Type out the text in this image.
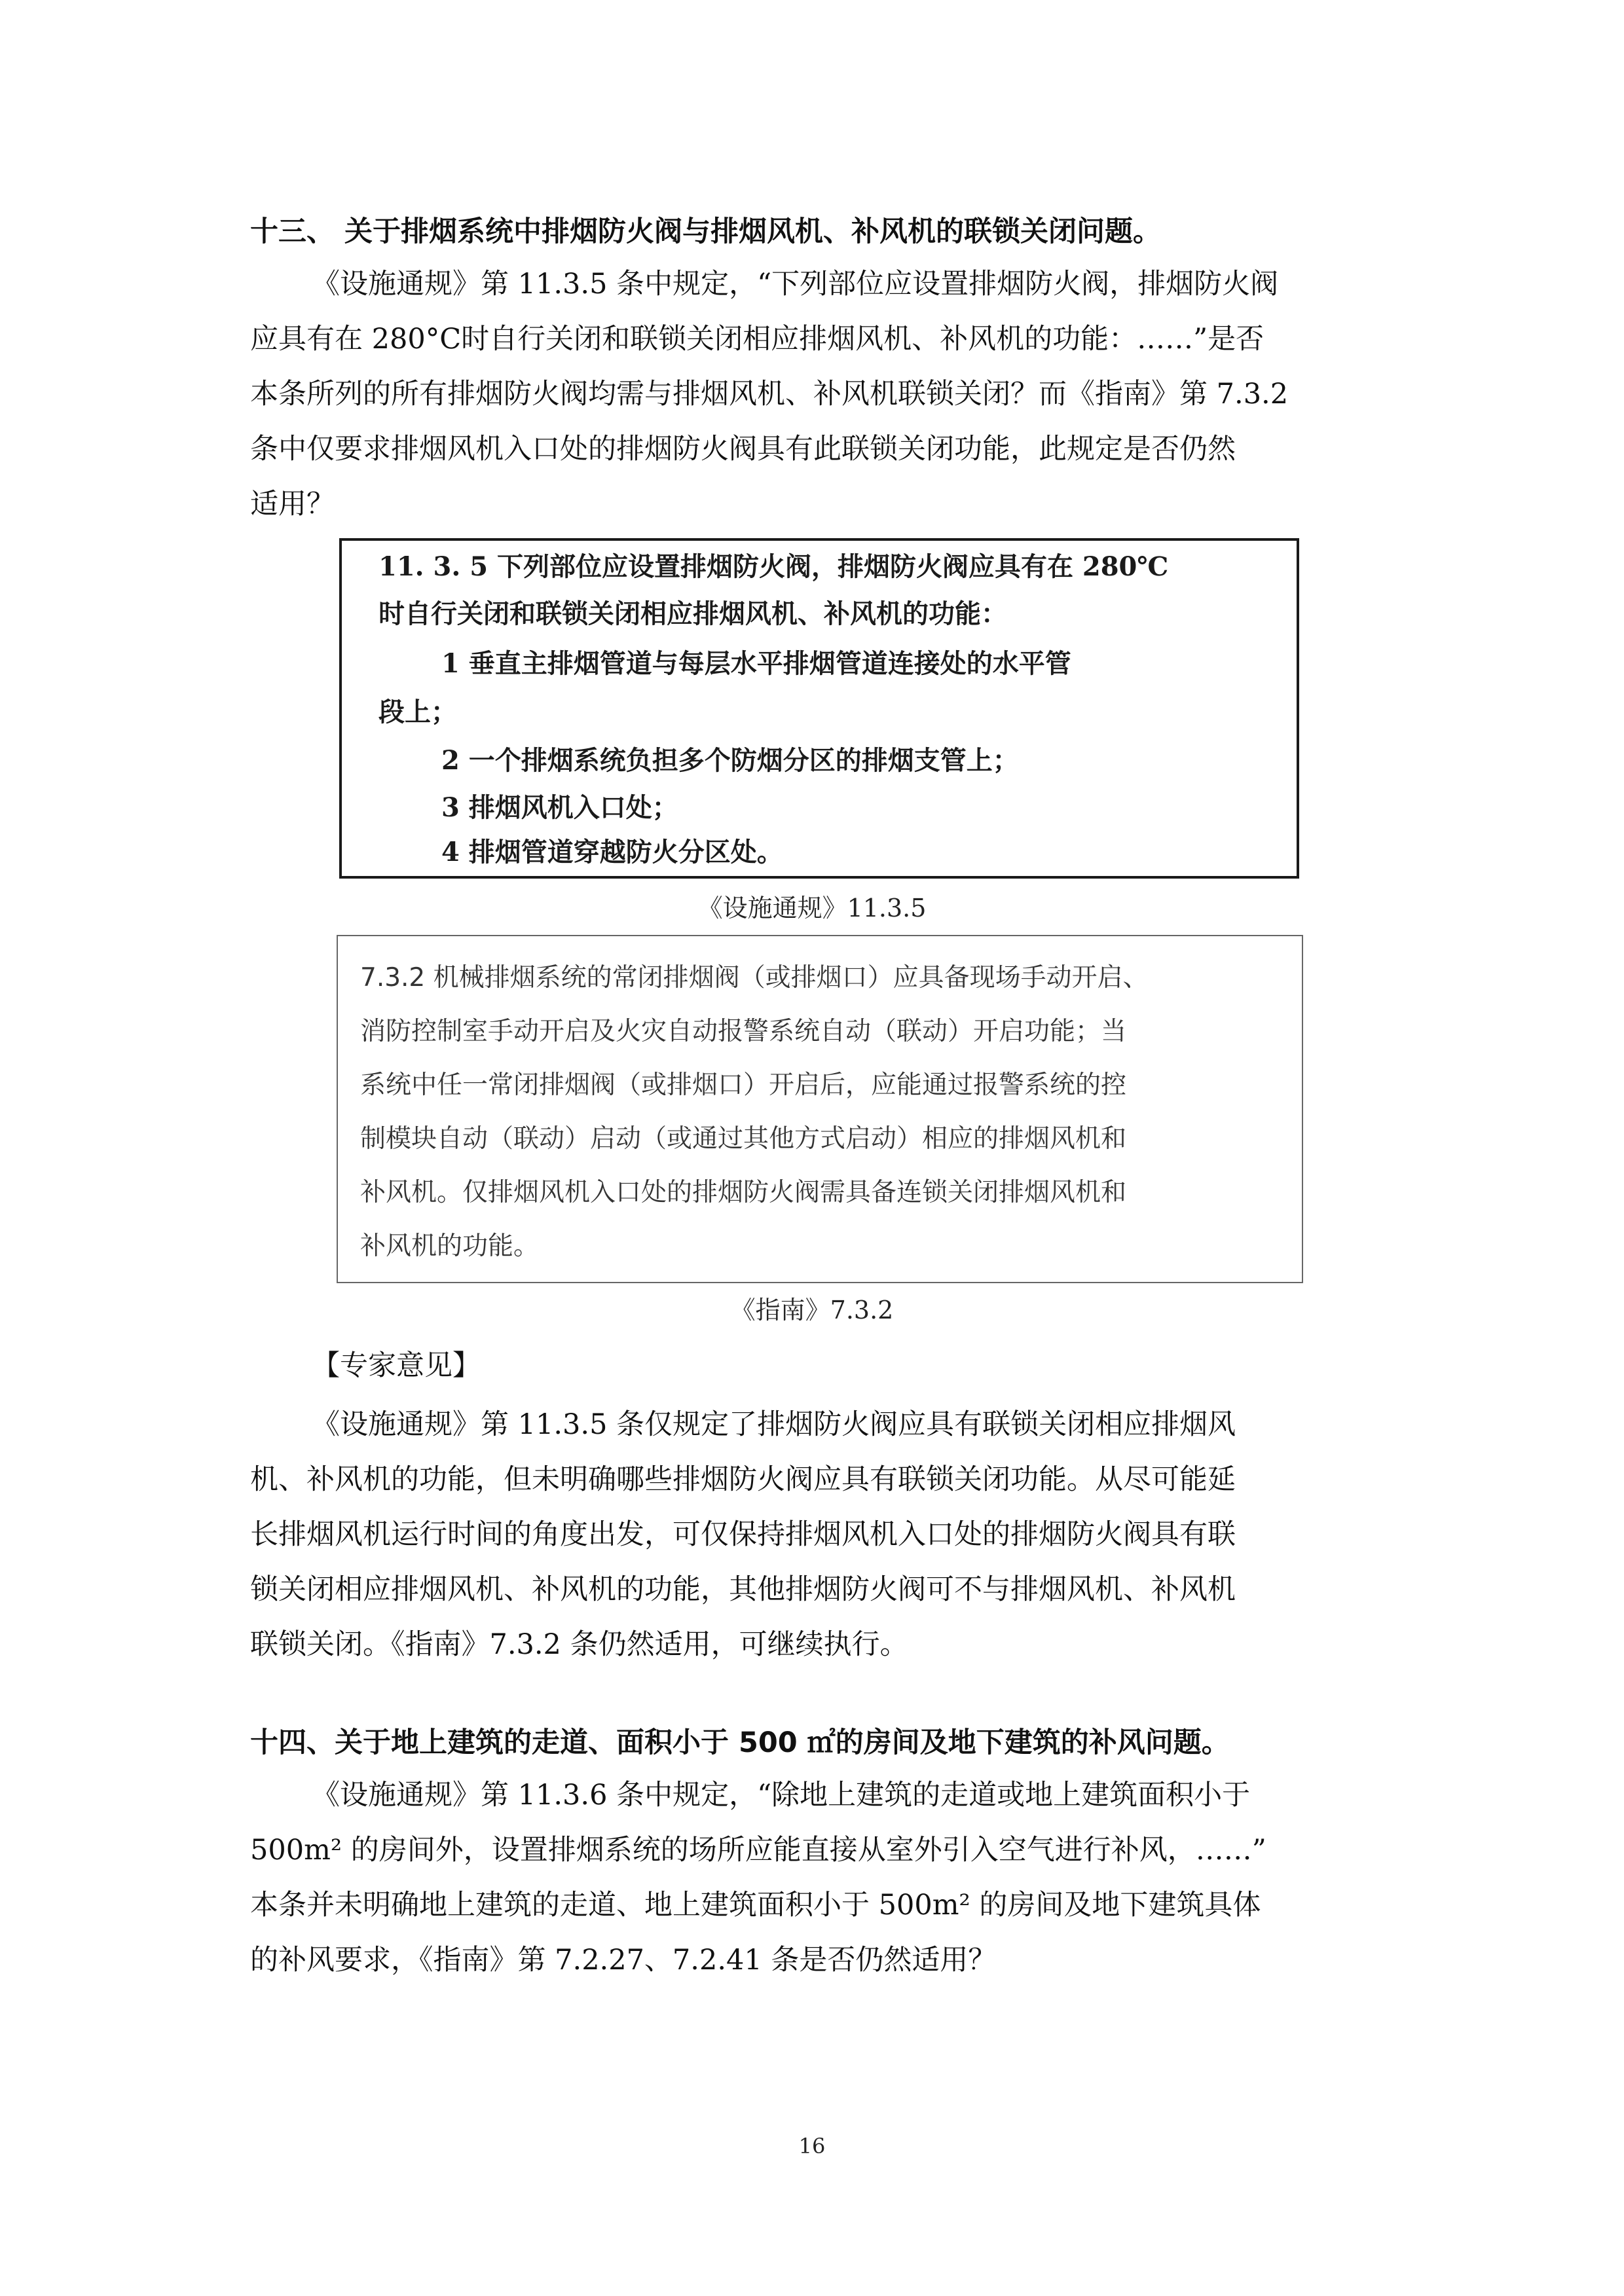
十三、 关于排烟系统中排烟防火阀与排烟风机、补风机的联锁关闭问题。
《设施通规》第 11.3.5 条中规定，“下列部位应设置排烟防火阀，排烟防火阀
应具有在 280°C时自行关闭和联锁关闭相应排烟风机、补风机的功能：……”是否
本条所列的所有排烟防火阀均需与排烟风机、补风机联锁关闭？而《指南》第 7.3.2
条中仅要求排烟风机入口处的排烟防火阀具有此联锁关闭功能，此规定是否仍然
适用？
11. 3. 5 下列部位应设置排烟防火阀，排烟防火阀应具有在 280℃
时自行关闭和联锁关闭相应排烟风机、补风机的功能：
1 垂直主排烟管道与每层水平排烟管道连接处的水平管
段上；
2 一个排烟系统负担多个防烟分区的排烟支管上；
3 排烟风机入口处；
4 排烟管道穿越防火分区处。
《设施通规》11.3.5
7.3.2 机械排烟系统的常闭排烟阀（或排烟口）应具备现场手动开启、
消防控制室手动开启及火灾自动报警系统自动（联动）开启功能；当
系统中任一常闭排烟阀（或排烟口）开启后，应能通过报警系统的控
制模块自动（联动）启动（或通过其他方式启动）相应的排烟风机和
补风机。仅排烟风机入口处的排烟防火阀需具备连锁关闭排烟风机和
补风机的功能。
《指南》7.3.2
【专家意见】
《设施通规》第 11.3.5 条仅规定了排烟防火阀应具有联锁关闭相应排烟风
机、补风机的功能，但未明确哪些排烟防火阀应具有联锁关闭功能。从尽可能延
长排烟风机运行时间的角度出发，可仅保持排烟风机入口处的排烟防火阀具有联
锁关闭相应排烟风机、补风机的功能，其他排烟防火阀可不与排烟风机、补风机
联锁关闭。《指南》7.3.2 条仍然适用，可继续执行。
十四、关于地上建筑的走道、面积小于 500 ㎡的房间及地下建筑的补风问题。
《设施通规》第 11.3.6 条中规定，“除地上建筑的走道或地上建筑面积小于
500m² 的房间外，设置排烟系统的场所应能直接从室外引入空气进行补风，……”
本条并未明确地上建筑的走道、地上建筑面积小于 500m² 的房间及地下建筑具体
的补风要求，《指南》第 7.2.27、7.2.41 条是否仍然适用？
16
